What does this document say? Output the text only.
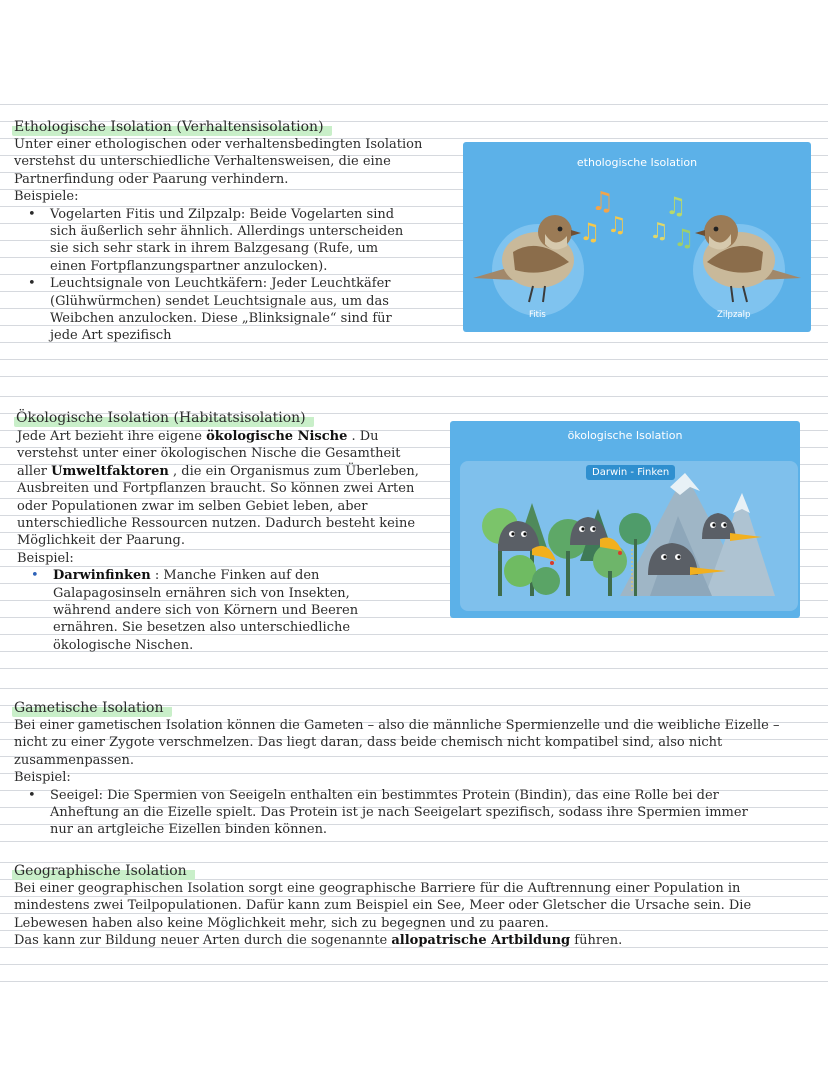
Ethologische Isolation (Verhaltensisolation)

Unter einer ethologischen oder verhaltensbedingten Isolation verstehst du unterschiedliche Verhaltensweisen, die eine Partnerfindung oder Paarung verhindern.

Beispiele:

• Vogelarten Fitis und Zilpzalp: Beide Vogelarten sind sich äußerlich sehr ähnlich. Allerdings unterscheiden sie sich sehr stark in ihrem Balzgesang (Rufe, um einen Fortpflanzungspartner anzulocken).
• Leuchtsignale von Leuchtkäfern: Jeder Leuchtkäfer (Glühwürmchen) sendet Leuchtsignale aus, um das Weibchen anzulocken. Diese „Blinksignale“ sind für jede Art spezifisch
ethologische Isolation
♫
♫ ♫
♫
♫ ♫
Fitis	Zilpzalp
Ökologische Isolation (Habitatsisolation)

Jede Art bezieht ihre eigene ökologische Nische . Du verstehst unter einer ökologischen Nische die Gesamtheit aller Umweltfaktoren , die ein Organismus zum Überleben, Ausbreiten und Fortpflanzen braucht. So können zwei Arten oder Populationen zwar im selben Gebiet leben, aber unterschiedliche Ressourcen nutzen. Dadurch besteht keine Möglichkeit der Paarung.

Beispiel:

• Darwinfinken : Manche Finken auf den Galapagosinseln ernähren sich von Insekten, während andere sich von Körnern und Beeren ernähren. Sie besetzen also unterschiedliche ökologische Nischen.
ökologische Isolation
Darwin - Finken
Gametische Isolation

Bei einer gametischen Isolation können die Gameten – also die männliche Spermienzelle und die weibliche Eizelle – nicht zu einer Zygote verschmelzen. Das liegt daran, dass beide chemisch nicht kompatibel sind, also nicht zusammenpassen.

Beispiel:

• Seeigel: Die Spermien von Seeigeln enthalten ein bestimmtes Protein (Bindin), das eine Rolle bei der Anheftung an die Eizelle spielt. Das Protein ist je nach Seeigelart spezifisch, sodass ihre Spermien immer nur an artgleiche Eizellen binden können.
Geographische Isolation

Bei einer geographischen Isolation sorgt eine geographische Barriere für die Auftrennung einer Population in mindestens zwei Teilpopulationen. Dafür kann zum Beispiel ein See, Meer oder Gletscher die Ursache sein. Die Lebewesen haben also keine Möglichkeit mehr, sich zu begegnen und zu paaren.

Das kann zur Bildung neuer Arten durch die sogenannte allopatrische Artbildung führen.
